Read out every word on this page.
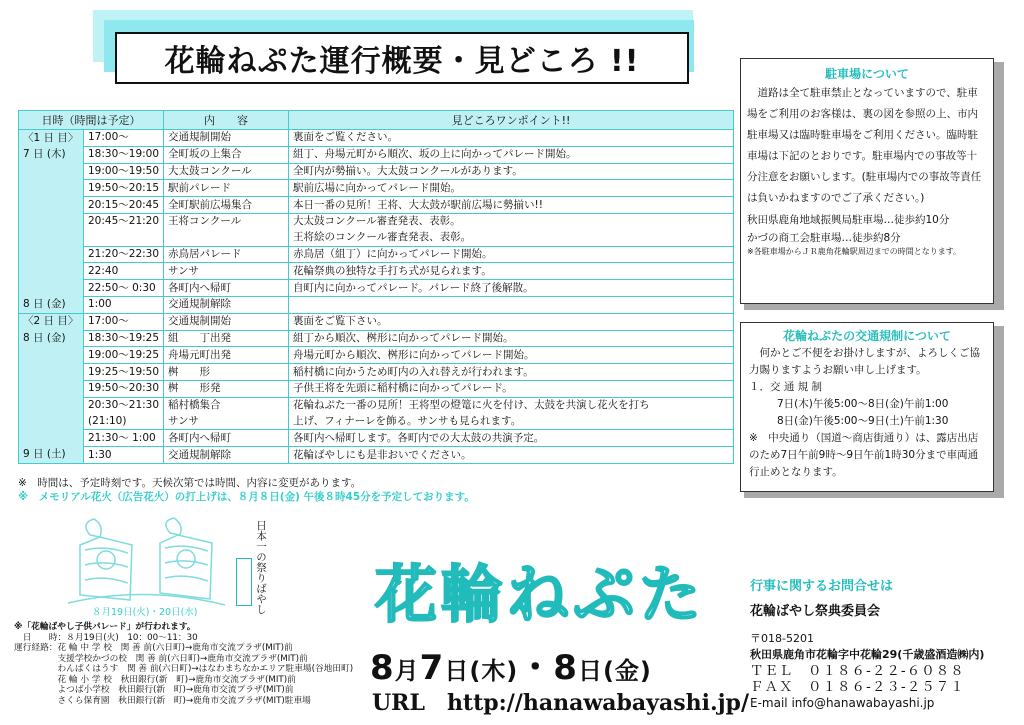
花輪ねぷた運行概要・見どころ !!
日時（時間は予定）		内　　容	見どころワンポイント!!
〈1 日 目〉	17:00～	交通規制開始	裏面をご覧ください。
7 日 (木)	18:30～19:00	全町坂の上集合	組丁、舟場元町から順次、坂の上に向かってパレード開始。
	19:00～19:50	大太鼓コンクール	全町内が勢揃い。大太鼓コンクールがあります。
	19:50～20:15	駅前パレード	駅前広場に向かってパレード開始。
	20:15～20:45	全町駅前広場集合	本日一番の見所！王将、大太鼓が駅前広場に勢揃い!!
	20:45～21:20	王将コンクール	大太鼓コンクール審査発表、表彰。
			王将絵のコンクール審査発表、表彰。
	21:20～22:30	赤鳥居パレード	赤鳥居（組丁）に向かってパレード開始。
	22:40	サンサ	花輪祭典の独特な手打ち式が見られます。
	22:50～ 0:30	各町内へ帰町	自町内に向かってパレード。パレード終了後解散。
8 日 (金)	1:00	交通規制解除	
〈2 日 目〉	17:00～	交通規制開始	裏面をご覧下さい。
8 日 (金)	18:30～19:25	組　　丁出発	組丁から順次、桝形に向かってパレード開始。
	19:00～19:25	舟場元町出発	舟場元町から順次、桝形に向かってパレード開始。
	19:25～19:50	桝　　形	稲村橋に向かうため町内の入れ替えが行われます。
	19:50～20:30	桝　　形発	子供王将を先頭に稲村橋に向かってパレード。
	20:30～21:30	稲村橋集合	花輪ねぷた一番の見所！王将型の燈篭に火を付け、太鼓を共演し花火を打ち
	(21:10)	サンサ	上げ、フィナーレを飾る。サンサも見られます。
	21:30～ 1:00	各町内へ帰町	各町内へ帰町します。各町内での大太鼓の共演予定。
9 日 (土)	1:30	交通規制解除	花輪ばやしにも是非おいでください。
※　時間は、予定時刻です。天候次第では時間、内容に変更があります。
※　メモリアル花火（広告花火）の打上げは、８月８日(金) 午後８時45分を予定しております。
駐車場について

　道路は全て駐車禁止となっていますので、駐車場をご利用のお客様は、裏の図を参照の上、市内駐車場又は臨時駐車場をご利用ください。臨時駐車場は下記のとおりです。駐車場内での事故等十分注意をお願いします。(駐車場内での事故等責任は負いかねますのでご了承ください。)

秋田県鹿角地域振興局駐車場…徒歩約10分

かづの商工会駐車場…徒歩約8分

※各駐車場からＪＲ鹿角花輪駅周辺までの時間となります。

花輪ねぷたの交通規制について

　何かとご不便をお掛けしますが、よろしくご協力賜りますようお願い申し上げます。

１．交 通 規 制

7日(木)午後5:00～8日(金)午前1:00

8日(金)午後5:00～9日(土)午前1:30

※　中央通り（国道～商店街通り）は、露店出店のため7日午前9時～9日午前1時30分まで車両通行止めとなります。

８月19日(火)・20日(水)	日本一の祭りばやし
※「花輪ばやし子供パレード」が行われます。
　日　　時：８月19日(火)　10：00～11：30
運行経路：花 輪 中 学 校　関 善 前(六日町)→鹿角市交流プラザ(MIT)前
　　　　　支援学校かづの校　関 善 前(六日町)→鹿角市交流プラザ(MIT)前
　　　　　わんぱくはうす　関 善 前(六日町)→はなわまちなかエリア駐車場(谷地田町)
　　　　　花 輪 小 学 校　秋田銀行(新　町)→鹿角市交流プラザ(MIT)前
　　　　　よつば小学校　秋田銀行(新　町)→鹿角市交流プラザ(MIT)前
　　　　　さくら保育園　秋田銀行(新　町)→鹿角市交流プラザ(MIT)駐車場
花輪ねぷた
8月7日(木)・8日(金)
URL　http://hanawabayashi.jp/
行事に関するお問合せは
花輪ばやし祭典委員会
〒018-5201
秋田県鹿角市花輪字中花輪29(千歳盛酒造㈱内)
ＴＥＬ　０１８６-２２-６０８８
ＦＡＸ　０１８６-２３-２５７１
E-mail info@hanawabayashi.jp
